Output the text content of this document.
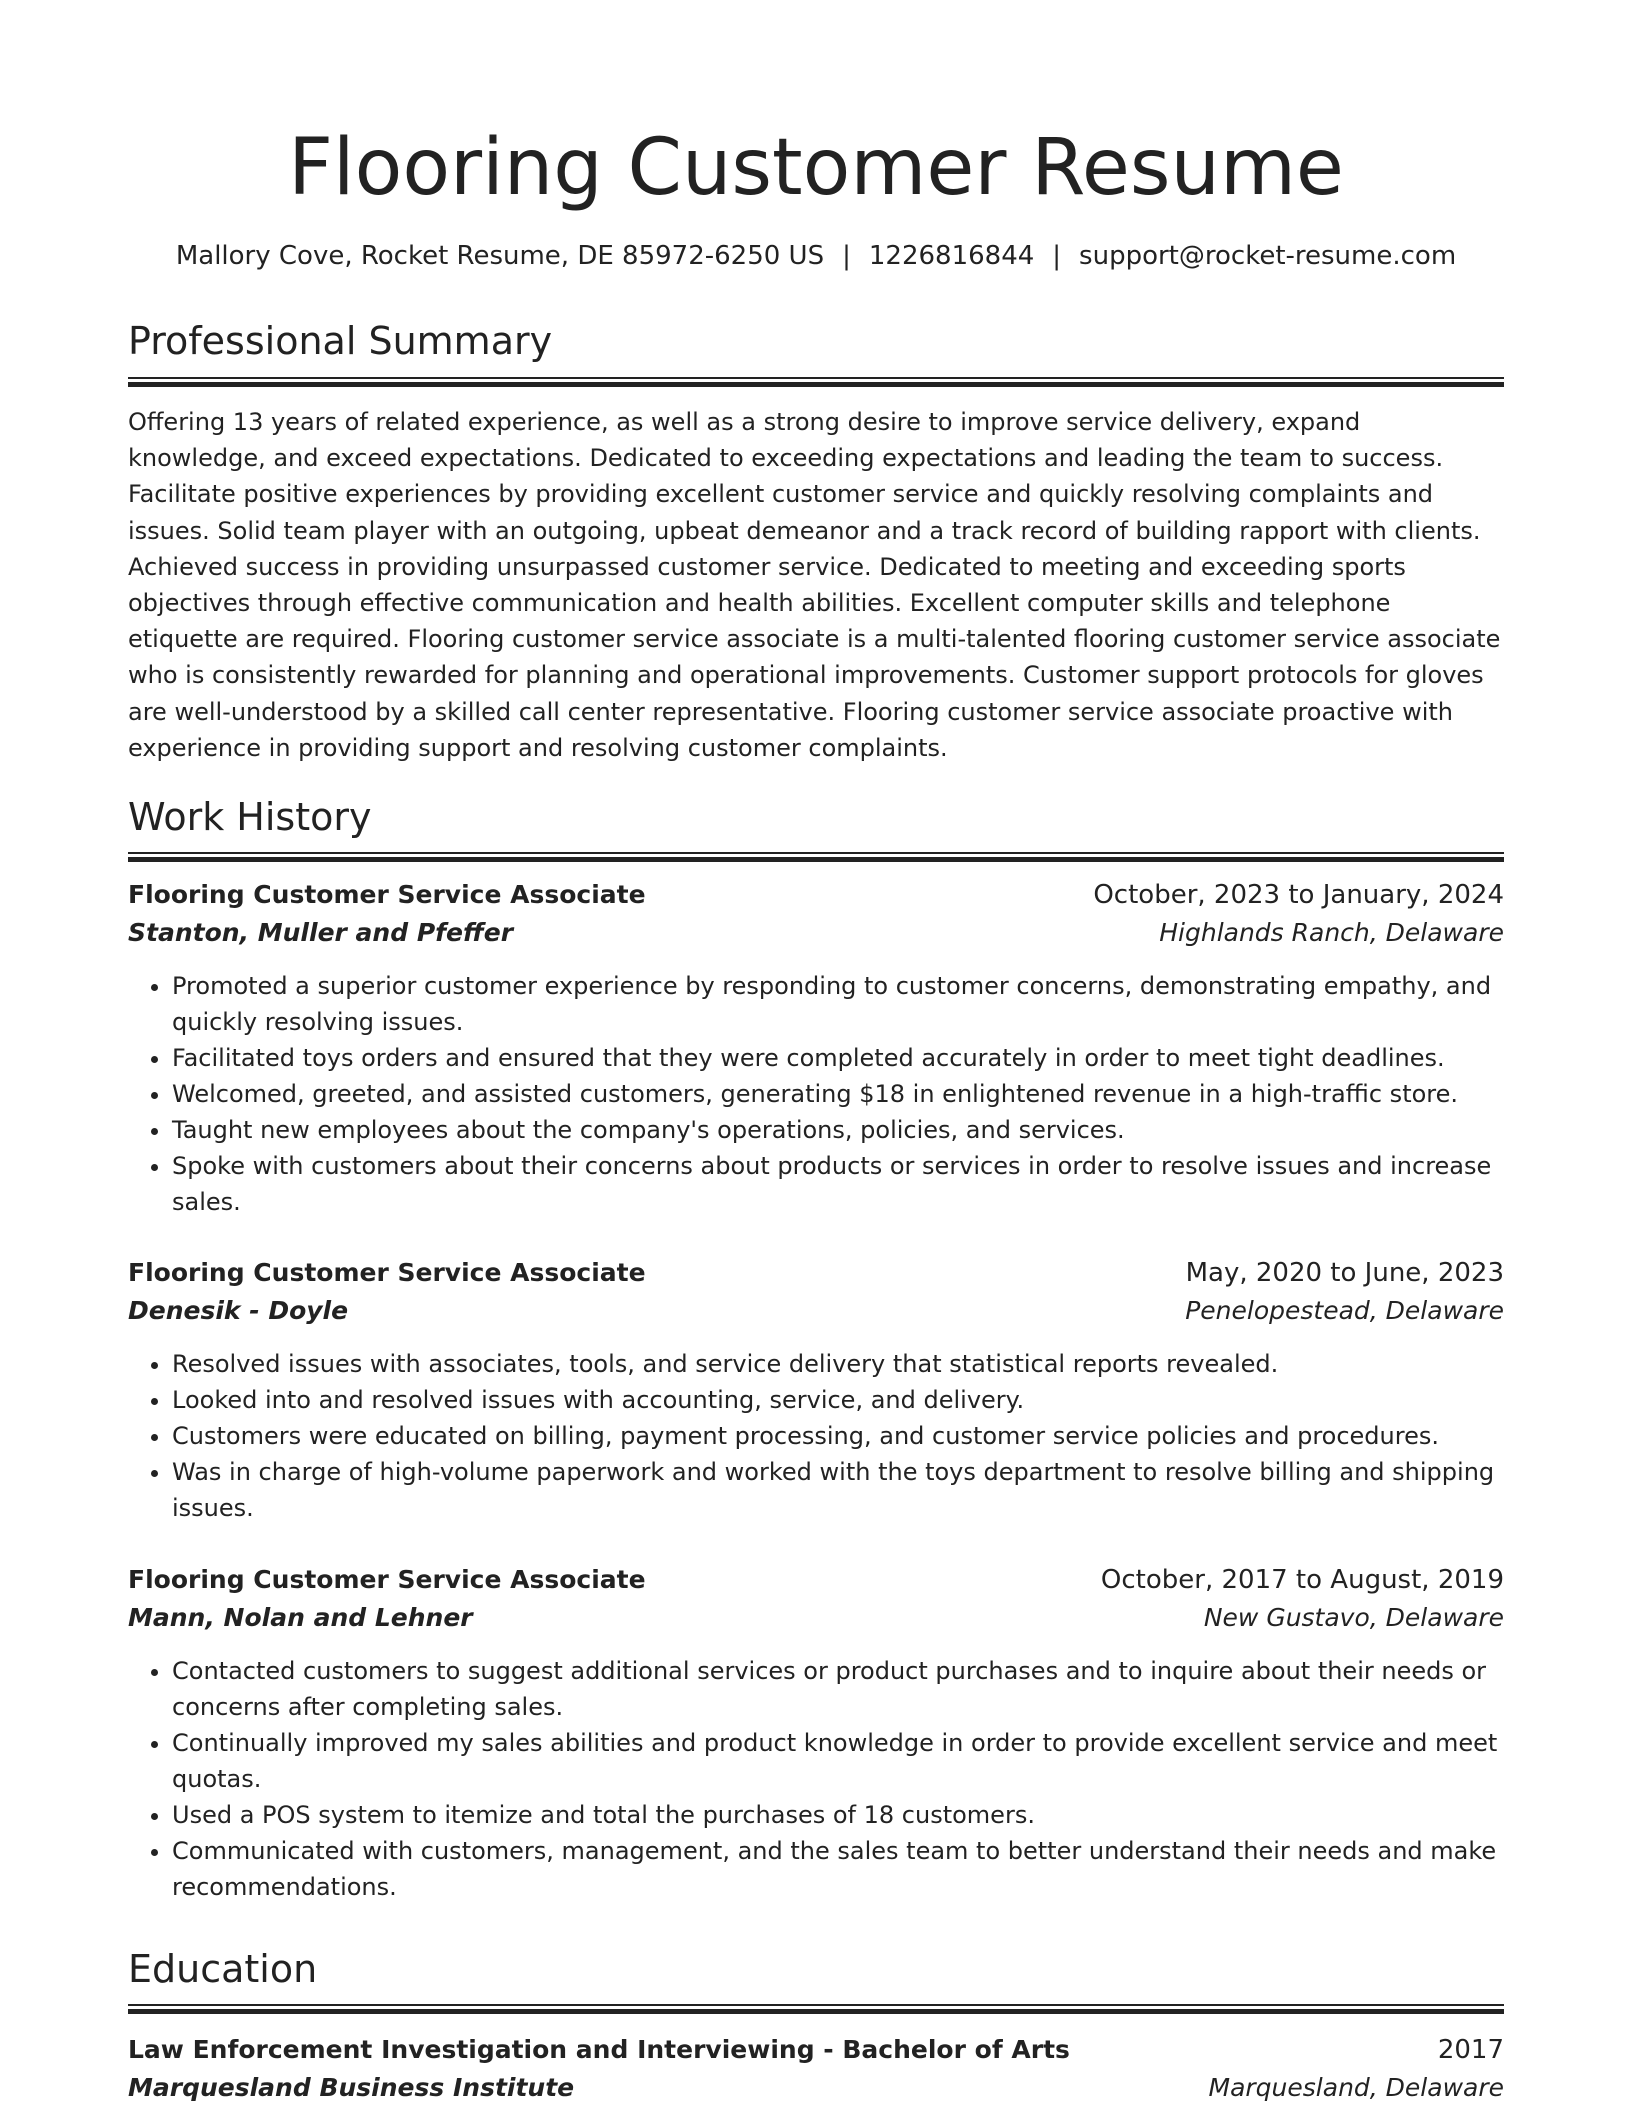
Flooring Customer Resume
Mallory Cove, Rocket Resume, DE 85972-6250 US | 1226816844 | support@rocket-resume.com
Professional Summary

Offering 13 years of related experience, as well as a strong desire to improve service delivery, expand knowledge, and exceed expectations. Dedicated to exceeding expectations and leading the team to success. Facilitate positive experiences by providing excellent customer service and quickly resolving complaints and issues. Solid team player with an outgoing, upbeat demeanor and a track record of building rapport with clients. Achieved success in providing unsurpassed customer service. Dedicated to meeting and exceeding sports objectives through effective communication and health abilities. Excellent computer skills and telephone etiquette are required. Flooring customer service associate is a multi-talented flooring customer service associate who is consistently rewarded for planning and operational improvements. Customer support protocols for gloves are well-understood by a skilled call center representative. Flooring customer service associate proactive with experience in providing support and resolving customer complaints.

Work History
Flooring Customer Service Associate	October, 2023 to January, 2024
Stanton, Muller and Pfeffer	Highlands Ranch, Delaware
• Promoted a superior customer experience by responding to customer concerns, demonstrating empathy, and quickly resolving issues.
• Facilitated toys orders and ensured that they were completed accurately in order to meet tight deadlines.
• Welcomed, greeted, and assisted customers, generating $18 in enlightened revenue in a high-traffic store.
• Taught new employees about the company's operations, policies, and services.
• Spoke with customers about their concerns about products or services in order to resolve issues and increase sales.
Flooring Customer Service Associate	May, 2020 to June, 2023
Denesik - Doyle	Penelopestead, Delaware
• Resolved issues with associates, tools, and service delivery that statistical reports revealed.
• Looked into and resolved issues with accounting, service, and delivery.
• Customers were educated on billing, payment processing, and customer service policies and procedures.
• Was in charge of high-volume paperwork and worked with the toys department to resolve billing and shipping issues.
Flooring Customer Service Associate	October, 2017 to August, 2019
Mann, Nolan and Lehner	New Gustavo, Delaware
• Contacted customers to suggest additional services or product purchases and to inquire about their needs or concerns after completing sales.
• Continually improved my sales abilities and product knowledge in order to provide excellent service and meet quotas.
• Used a POS system to itemize and total the purchases of 18 customers.
• Communicated with customers, management, and the sales team to better understand their needs and make recommendations.
Education
Law Enforcement Investigation and Interviewing - Bachelor of Arts	2017
Marquesland Business Institute	Marquesland, Delaware
